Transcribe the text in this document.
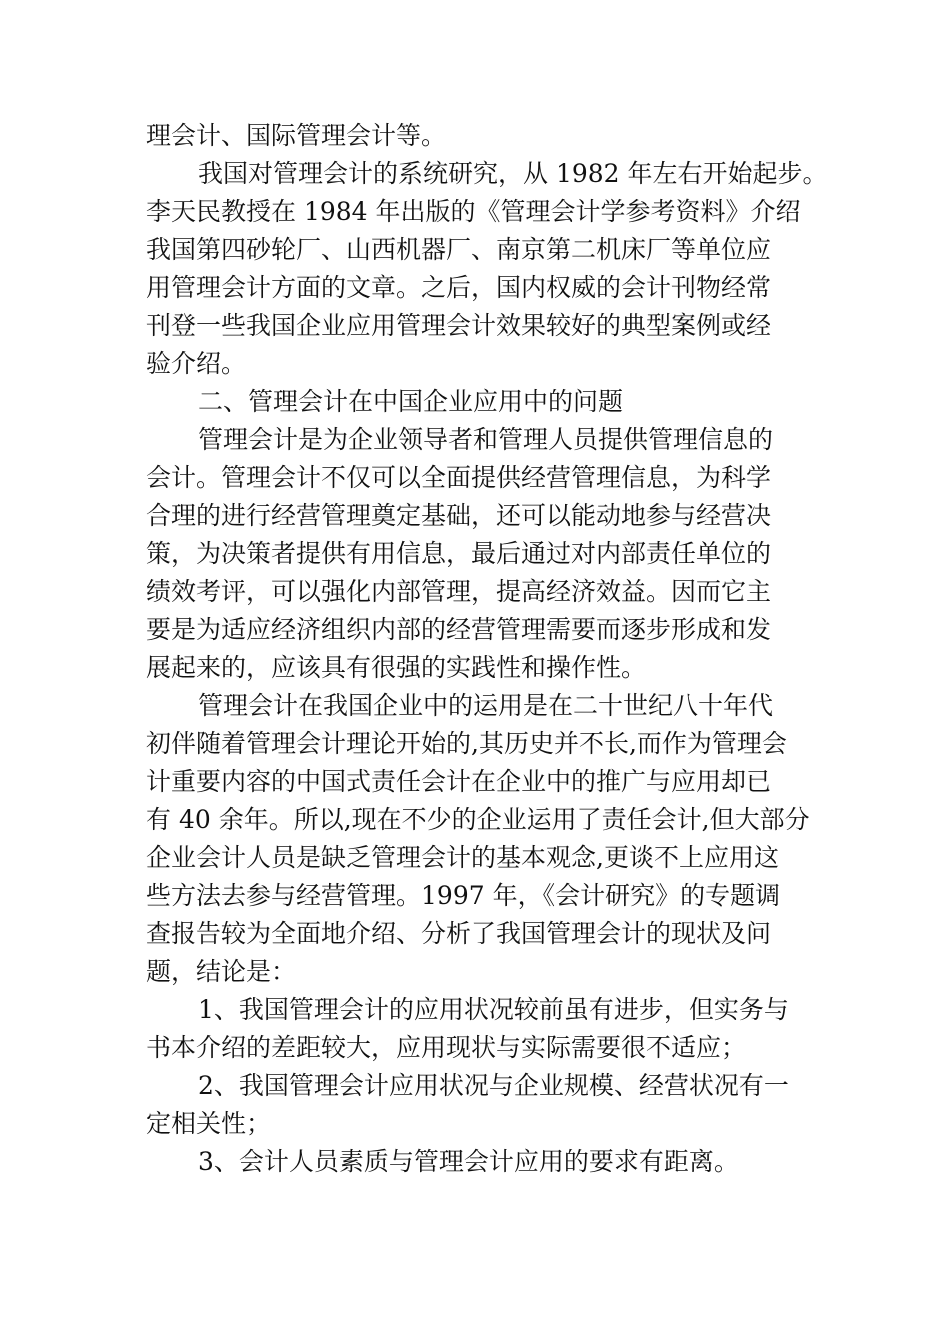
理会计、国际管理会计等。
我国对管理会计的系统研究，从 1982 年左右开始起步。
李天民教授在 1984 年出版的《管理会计学参考资料》介绍
我国第四砂轮厂、山西机器厂、南京第二机床厂等单位应
用管理会计方面的文章。之后，国内权威的会计刊物经常
刊登一些我国企业应用管理会计效果较好的典型案例或经
验介绍。
二、管理会计在中国企业应用中的问题
管理会计是为企业领导者和管理人员提供管理信息的
会计。管理会计不仅可以全面提供经营管理信息，为科学
合理的进行经营管理奠定基础，还可以能动地参与经营决
策，为决策者提供有用信息，最后通过对内部责任单位的
绩效考评，可以强化内部管理，提高经济效益。因而它主
要是为适应经济组织内部的经营管理需要而逐步形成和发
展起来的，应该具有很强的实践性和操作性。
管理会计在我国企业中的运用是在二十世纪八十年代
初伴随着管理会计理论开始的,其历史并不长,而作为管理会
计重要内容的中国式责任会计在企业中的推广与应用却已
有 40 余年。所以,现在不少的企业运用了责任会计,但大部分
企业会计人员是缺乏管理会计的基本观念,更谈不上应用这
些方法去参与经营管理。1997 年，《会计研究》的专题调
查报告较为全面地介绍、分析了我国管理会计的现状及问
题，结论是：
1、我国管理会计的应用状况较前虽有进步，但实务与
书本介绍的差距较大，应用现状与实际需要很不适应；
2、我国管理会计应用状况与企业规模、经营状况有一
定相关性；
3、会计人员素质与管理会计应用的要求有距离。
